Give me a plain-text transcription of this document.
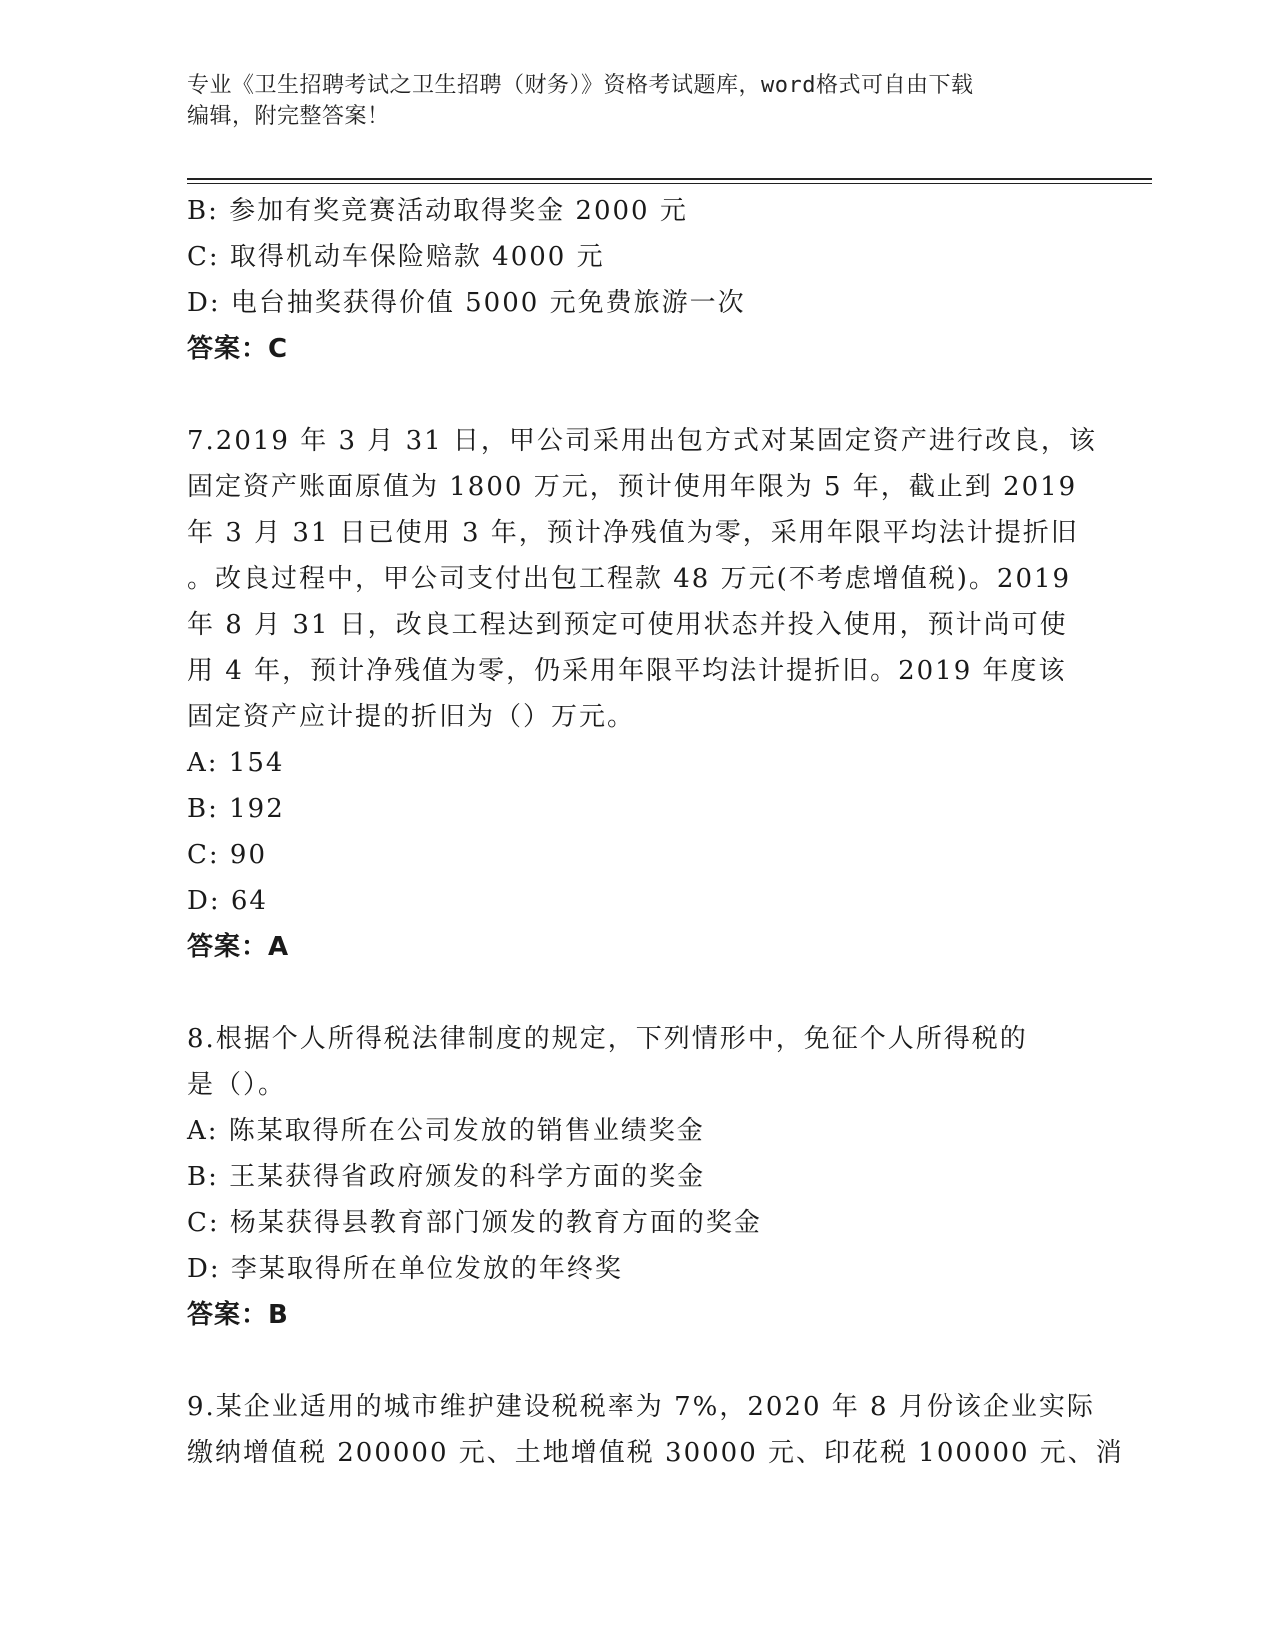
专业《卫生招聘考试之卫生招聘（财务）》资格考试题库，word格式可自由下载
编辑，附完整答案！
B: 参加有奖竞赛活动取得奖金 2000 元
C: 取得机动车保险赔款 4000 元
D: 电台抽奖获得价值 5000 元免费旅游一次
答案：C
7.2019 年 3 月 31 日，甲公司采用出包方式对某固定资产进行改良，该
固定资产账面原值为 1800 万元，预计使用年限为 5 年，截止到 2019
年 3 月 31 日已使用 3 年，预计净残值为零，采用年限平均法计提折旧
。改良过程中，甲公司支付出包工程款 48 万元(不考虑增值税)。2019
年 8 月 31 日，改良工程达到预定可使用状态并投入使用，预计尚可使
用 4 年，预计净残值为零，仍采用年限平均法计提折旧。2019 年度该
固定资产应计提的折旧为（）万元。
A: 154
B: 192
C: 90
D: 64
答案：A
8.根据个人所得税法律制度的规定，下列情形中，免征个人所得税的
是（）。
A: 陈某取得所在公司发放的销售业绩奖金
B: 王某获得省政府颁发的科学方面的奖金
C: 杨某获得县教育部门颁发的教育方面的奖金
D: 李某取得所在单位发放的年终奖
答案：B
9.某企业适用的城市维护建设税税率为 7%，2020 年 8 月份该企业实际
缴纳增值税 200000 元、土地增值税 30000 元、印花税 100000 元、消
